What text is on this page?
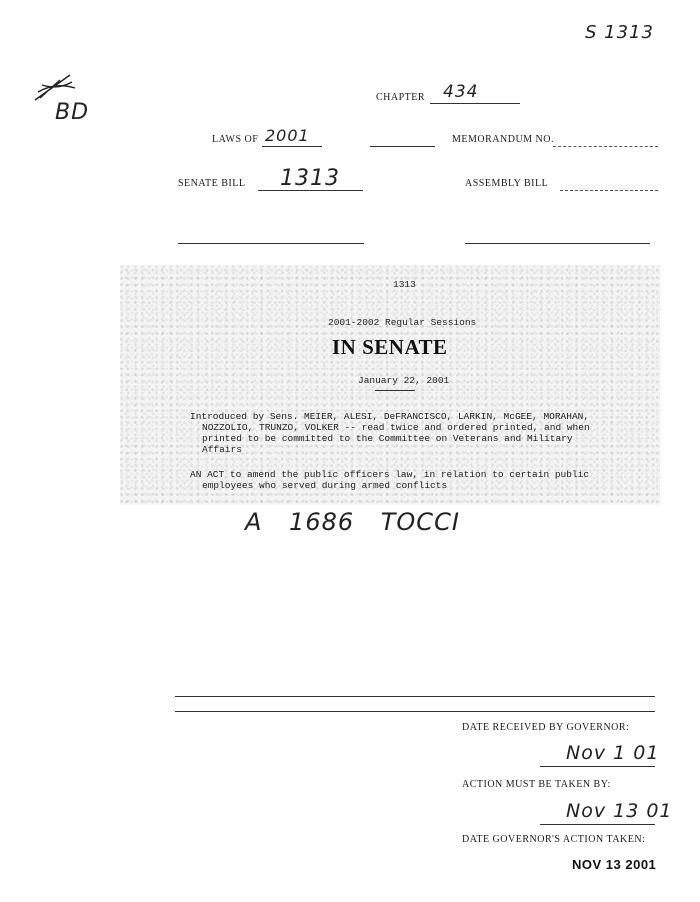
S 1313
BD
CHAPTER 434
LAWS OF 2001	MEMORANDUM NO.
SENATE BILL 1313	ASSEMBLY BILL
1313
2001-2002 Regular Sessions
IN SENATE
January 22, 2001
Introduced by Sens. MEIER, ALESI, DeFRANCISCO, LARKIN, McGEE, MORAHAN,
NOZZOLIO, TRUNZO, VOLKER -- read twice and ordered printed, and when
printed to be committed to the Committee on Veterans and Military
Affairs
AN ACT to amend the public officers law, in relation to certain public
employees who served during armed conflicts
A 1686 TOCCI
DATE RECEIVED BY GOVERNOR:
Nov 1 01
ACTION MUST BE TAKEN BY:
Nov 13 01
DATE GOVERNOR'S ACTION TAKEN:
NOV 13 2001
